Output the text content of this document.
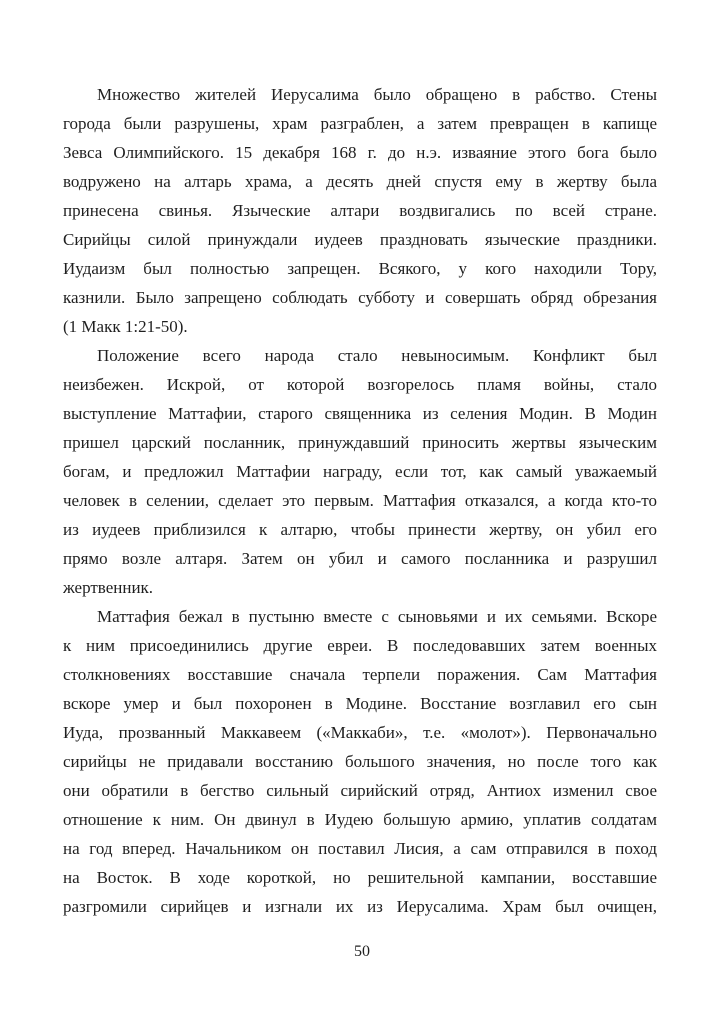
Множество жителей Иерусалима было обращено в рабство. Стены
города были разрушены, храм разграблен, а затем превращен в капище
Зевса Олимпийского. 15 декабря 168 г. до н.э. изваяние этого бога было
водружено на алтарь храма, а десять дней спустя ему в жертву была
принесена свинья. Языческие алтари воздвигались по всей стране.
Сирийцы силой принуждали иудеев праздновать языческие праздники.
Иудаизм был полностью запрещен. Всякого, у кого находили Тору,
казнили. Было запрещено соблюдать субботу и совершать обряд обрезания
(1 Макк 1:21-50).
Положение всего народа стало невыносимым. Конфликт был
неизбежен. Искрой, от которой возгорелось пламя войны, стало
выступление Маттафии, старого священника из селения Модин. В Модин
пришел царский посланник, принуждавший приносить жертвы языческим
богам, и предложил Маттафии награду, если тот, как самый уважаемый
человек в селении, сделает это первым. Маттафия отказался, а когда кто-то
из иудеев приблизился к алтарю, чтобы принести жертву, он убил его
прямо возле алтаря. Затем он убил и самого посланника и разрушил
жертвенник.
Маттафия бежал в пустыню вместе с сыновьями и их семьями. Вскоре
к ним присоединились другие евреи. В последовавших затем военных
столкновениях восставшие сначала терпели поражения. Сам Маттафия
вскоре умер и был похоронен в Модине. Восстание возглавил его сын
Иуда, прозванный Маккавеем («Маккаби», т.е. «молот»). Первоначально
сирийцы не придавали восстанию большого значения, но после того как
они обратили в бегство сильный сирийский отряд, Антиох изменил свое
отношение к ним. Он двинул в Иудею большую армию, уплатив солдатам
на год вперед. Начальником он поставил Лисия, а сам отправился в поход
на Восток. В ходе короткой, но решительной кампании, восставшие
разгромили сирийцев и изгнали их из Иерусалима. Храм был очищен,
50
